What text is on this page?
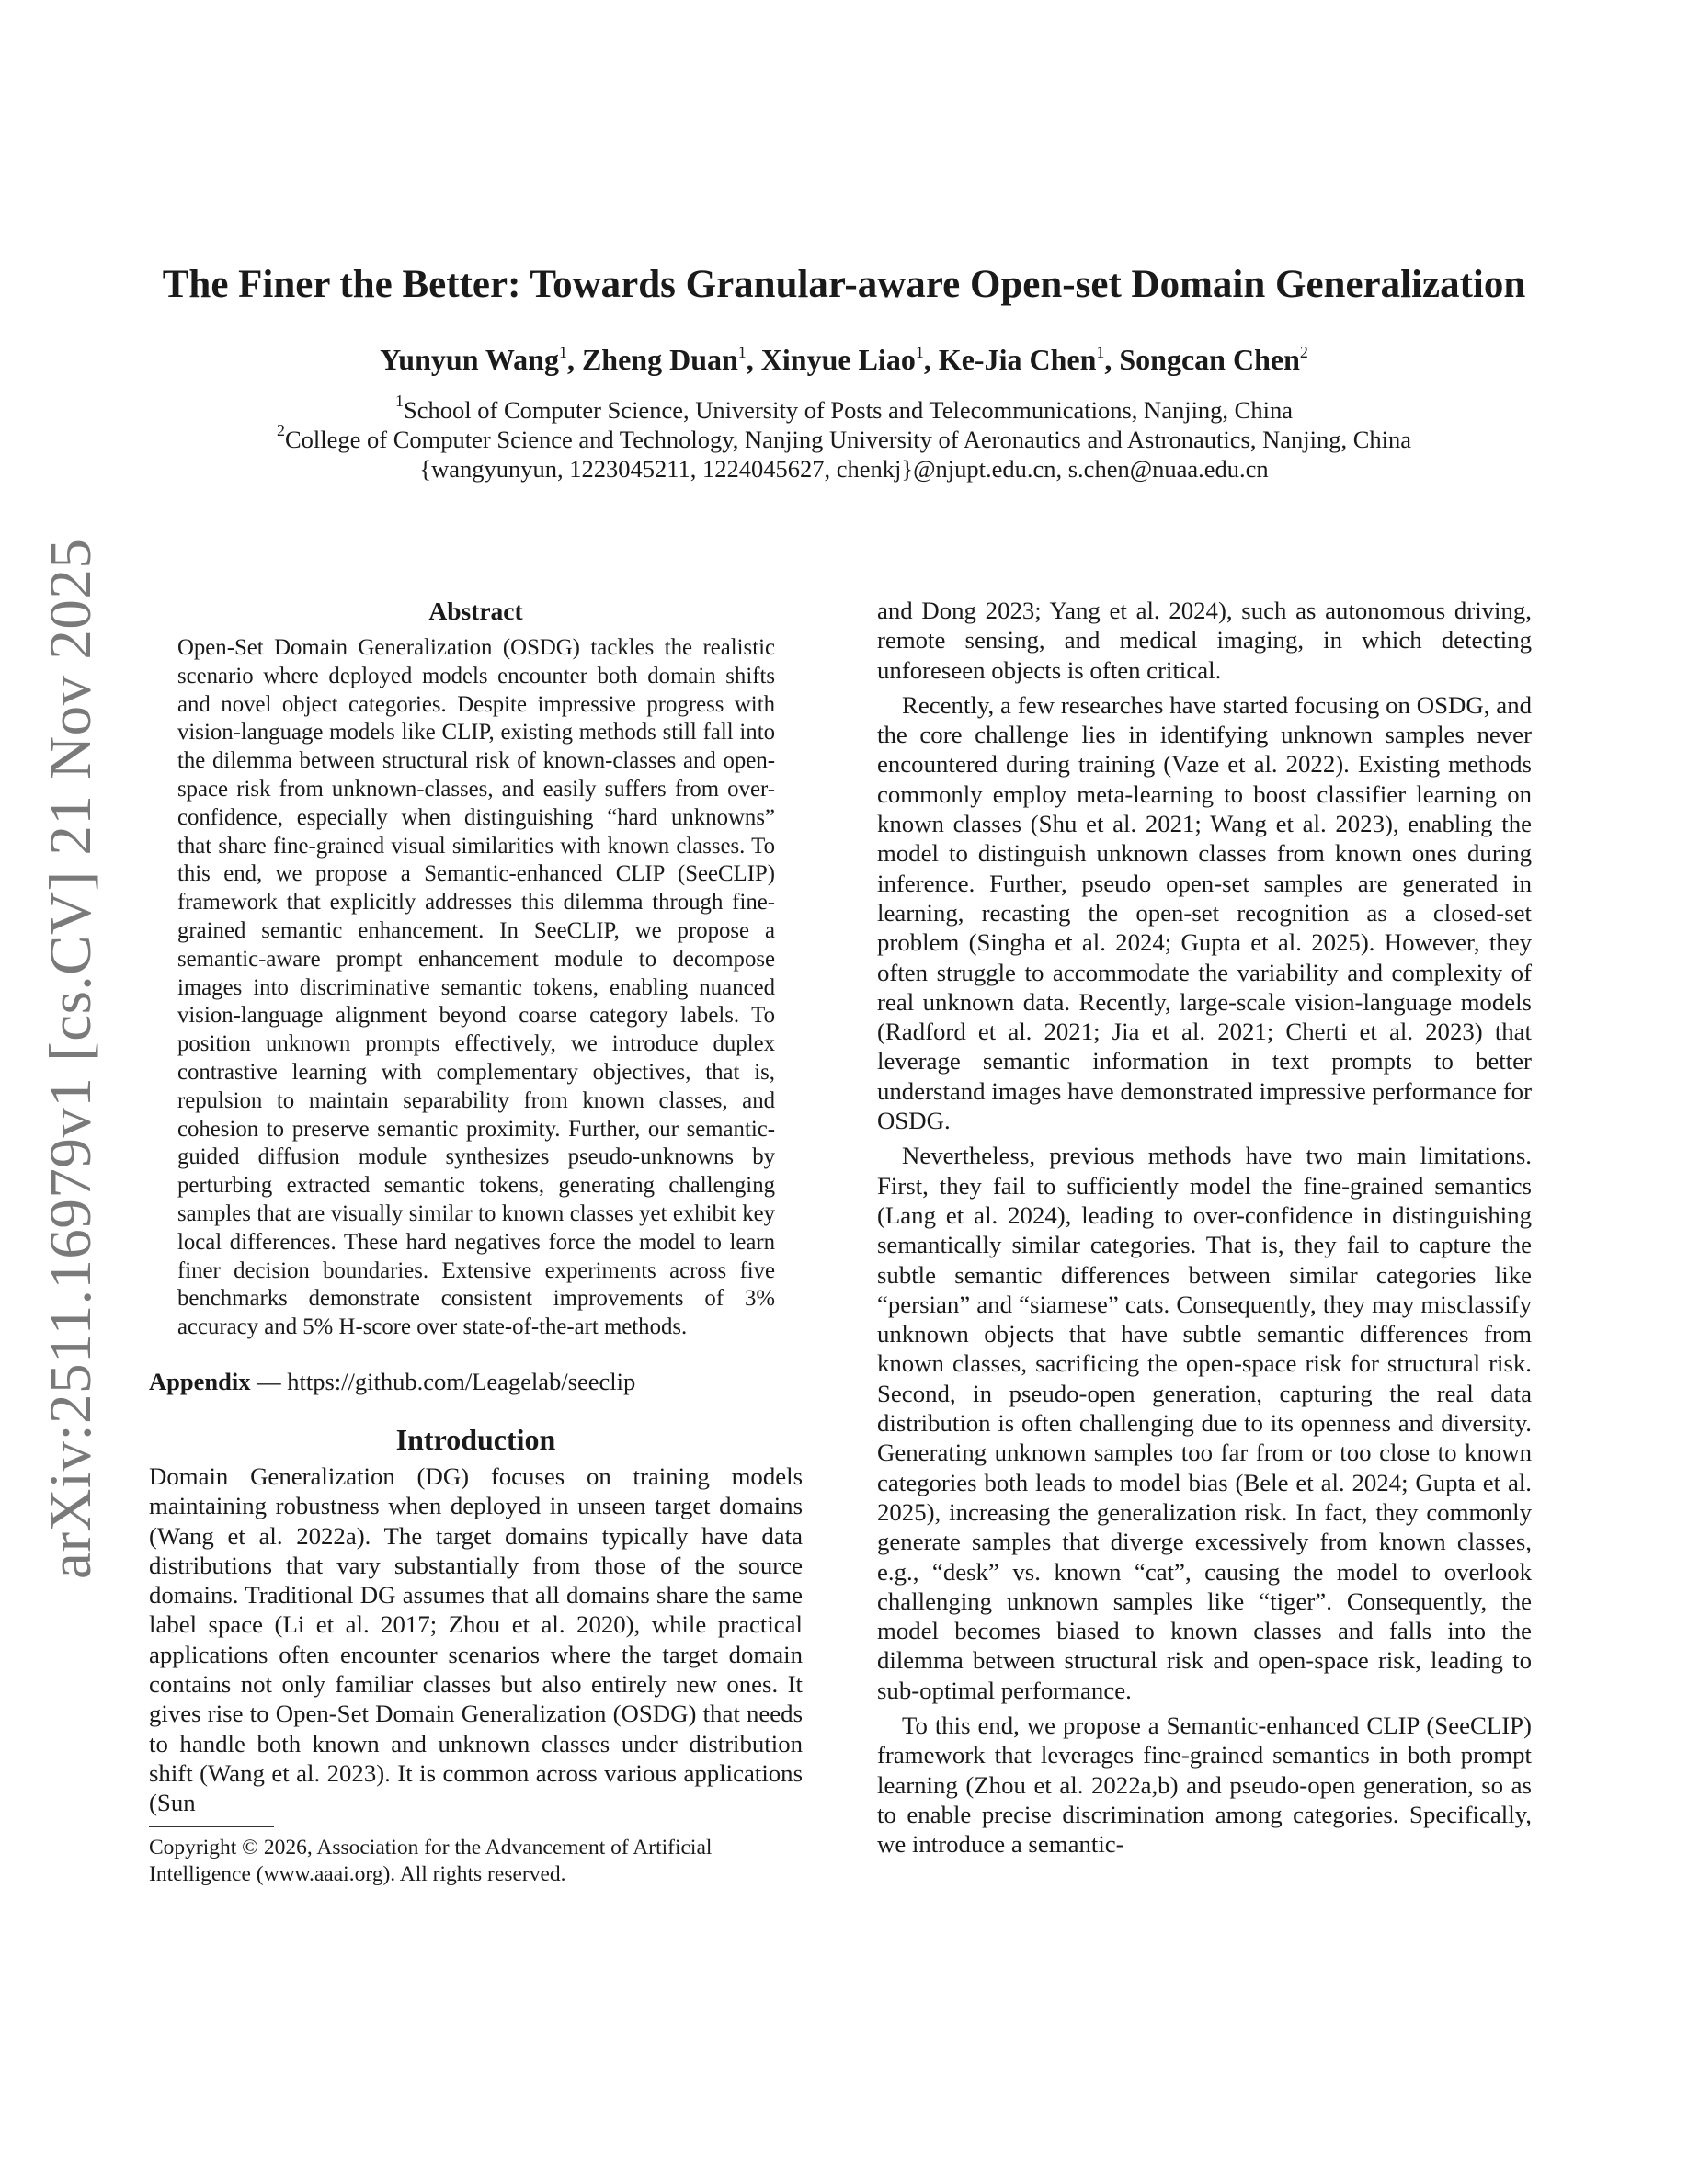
arXiv:2511.16979v1 [cs.CV] 21 Nov 2025
The Finer the Better: Towards Granular-aware Open-set Domain Generalization
Yunyun Wang$^1$, Zheng Duan$^1$, Xinyue Liao$^1$, Ke-Jia Chen$^1$, Songcan Chen$^2$
$^1$School of Computer Science, University of Posts and Telecommunications, Nanjing, China
$^2$College of Computer Science and Technology, Nanjing University of Aeronautics and Astronautics, Nanjing, China
{wangyunyun, 1223045211, 1224045627, chenkj}@njupt.edu.cn, s.chen@nuaa.edu.cn
Abstract

Open-Set Domain Generalization (OSDG) tackles the realistic scenario where deployed models encounter both domain shifts and novel object categories. Despite impressive progress with vision-language models like CLIP, existing methods still fall into the dilemma between structural risk of known-classes and open-space risk from unknown-classes, and easily suffers from over-confidence, especially when distinguishing “hard unknowns” that share fine-grained visual similarities with known classes. To this end, we propose a Semantic-enhanced CLIP (SeeCLIP) framework that explicitly addresses this dilemma through fine-grained semantic enhancement. In SeeCLIP, we propose a semantic-aware prompt enhancement module to decompose images into discriminative semantic tokens, enabling nuanced vision-language alignment beyond coarse category labels. To position unknown prompts effectively, we introduce duplex contrastive learning with complementary objectives, that is, repulsion to maintain separability from known classes, and cohesion to preserve semantic proximity. Further, our semantic-guided diffusion module synthesizes pseudo-unknowns by perturbing extracted semantic tokens, generating challenging samples that are visually similar to known classes yet exhibit key local differences. These hard negatives force the model to learn finer decision boundaries. Extensive experiments across five benchmarks demonstrate consistent improvements of 3% accuracy and 5% H-score over state-of-the-art methods.

Appendix — https://github.com/Leagelab/seeclip
Introduction

Domain Generalization (DG) focuses on training models maintaining robustness when deployed in unseen target domains (Wang et al. 2022a). The target domains typically have data distributions that vary substantially from those of the source domains. Traditional DG assumes that all domains share the same label space (Li et al. 2017; Zhou et al. 2020), while practical applications often encounter scenarios where the target domain contains not only familiar classes but also entirely new ones. It gives rise to Open-Set Domain Generalization (OSDG) that needs to handle both known and unknown classes under distribution shift (Wang et al. 2023). It is common across various applications (Sun

Copyright © 2026, Association for the Advancement of Artificial Intelligence (www.aaai.org). All rights reserved.

and Dong 2023; Yang et al. 2024), such as autonomous driving, remote sensing, and medical imaging, in which detecting unforeseen objects is often critical.

Recently, a few researches have started focusing on OSDG, and the core challenge lies in identifying unknown samples never encountered during training (Vaze et al. 2022). Existing methods commonly employ meta-learning to boost classifier learning on known classes (Shu et al. 2021; Wang et al. 2023), enabling the model to distinguish unknown classes from known ones during inference. Further, pseudo open-set samples are generated in learning, recasting the open-set recognition as a closed-set problem (Singha et al. 2024; Gupta et al. 2025). However, they often struggle to accommodate the variability and complexity of real unknown data. Recently, large-scale vision-language models (Radford et al. 2021; Jia et al. 2021; Cherti et al. 2023) that leverage semantic information in text prompts to better understand images have demonstrated impressive performance for OSDG.

Nevertheless, previous methods have two main limitations. First, they fail to sufficiently model the fine-grained semantics (Lang et al. 2024), leading to over-confidence in distinguishing semantically similar categories. That is, they fail to capture the subtle semantic differences between similar categories like “persian” and “siamese” cats. Consequently, they may misclassify unknown objects that have subtle semantic differences from known classes, sacrificing the open-space risk for structural risk. Second, in pseudo-open generation, capturing the real data distribution is often challenging due to its openness and diversity. Generating unknown samples too far from or too close to known categories both leads to model bias (Bele et al. 2024; Gupta et al. 2025), increasing the generalization risk. In fact, they commonly generate samples that diverge excessively from known classes, e.g., “desk” vs. known “cat”, causing the model to overlook challenging unknown samples like “tiger”. Consequently, the model becomes biased to known classes and falls into the dilemma between structural risk and open-space risk, leading to sub-optimal performance.

To this end, we propose a Semantic-enhanced CLIP (SeeCLIP) framework that leverages fine-grained semantics in both prompt learning (Zhou et al. 2022a,b) and pseudo-open generation, so as to enable precise discrimination among categories. Specifically, we introduce a semantic-
